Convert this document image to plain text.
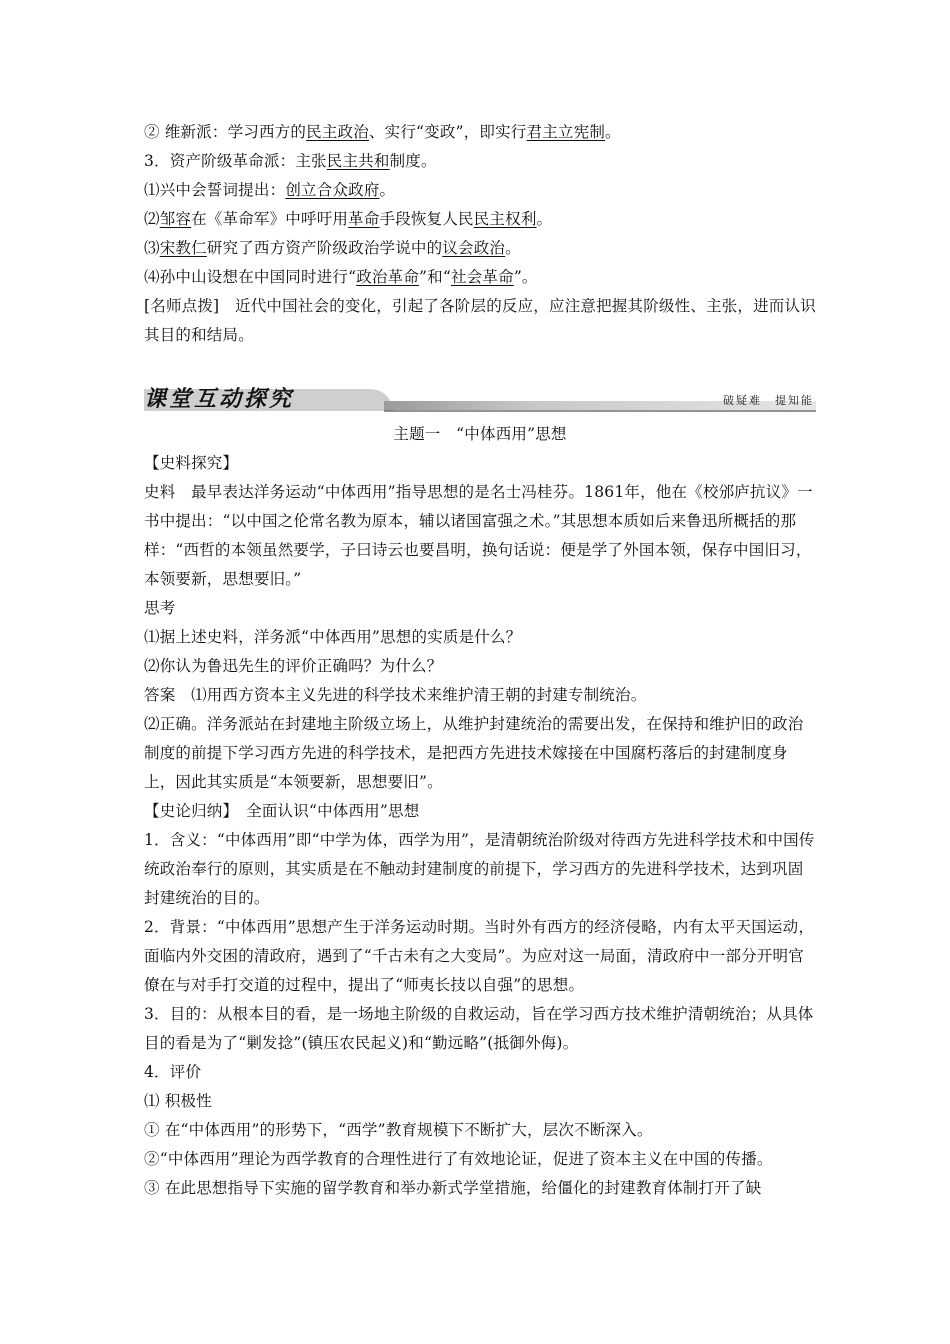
② 维新派：学习西方的民主政治、实行“变政”，即实行君主立宪制。
3．资产阶级革命派：主张民主共和制度。
⑴兴中会誓词提出：创立合众政府。
⑵邹容在《革命军》中呼吁用革命手段恢复人民民主权利。
⑶宋教仁研究了西方资产阶级政治学说中的议会政治。
⑷孙中山设想在中国同时进行“政治革命”和“社会革命”。
[名师点拨]　近代中国社会的变化，引起了各阶层的反应，应注意把握其阶级性、主张，进而认识其目的和结局。
课堂互动探究	破疑难　提知能
主题一　“中体西用”思想
【史料探究】
史料　最早表达洋务运动“中体西用”指导思想的是名士冯桂芬。1861年，他在《校邠庐抗议》一书中提出：“以中国之伦常名教为原本，辅以诸国富强之术。”其思想本质如后来鲁迅所概括的那样：“西哲的本领虽然要学，子曰诗云也要昌明，换句话说：便是学了外国本领，保存中国旧习，本领要新，思想要旧。”
思考
⑴据上述史料，洋务派“中体西用”思想的实质是什么？
⑵你认为鲁迅先生的评价正确吗？为什么？
答案　⑴用西方资本主义先进的科学技术来维护清王朝的封建专制统治。
⑵正确。洋务派站在封建地主阶级立场上，从维护封建统治的需要出发，在保持和维护旧的政治制度的前提下学习西方先进的科学技术，是把西方先进技术嫁接在中国腐朽落后的封建制度身上，因此其实质是“本领要新，思想要旧”。
【史论归纳】　全面认识“中体西用”思想
1．含义：“中体西用”即“中学为体，西学为用”，是清朝统治阶级对待西方先进科学技术和中国传统政治奉行的原则，其实质是在不触动封建制度的前提下，学习西方的先进科学技术，达到巩固封建统治的目的。
2．背景：“中体西用”思想产生于洋务运动时期。当时外有西方的经济侵略，内有太平天国运动，面临内外交困的清政府，遇到了“千古未有之大变局”。为应对这一局面，清政府中一部分开明官僚在与对手打交道的过程中，提出了“师夷长技以自强”的思想。
3．目的：从根本目的看，是一场地主阶级的自救运动，旨在学习西方技术维护清朝统治；从具体目的看是为了“剿发捻”(镇压农民起义)和“勤远略”(抵御外侮)。
4．评价
⑴ 积极性
① 在“中体西用”的形势下，“西学”教育规模下不断扩大，层次不断深入。
②“中体西用”理论为西学教育的合理性进行了有效地论证，促进了资本主义在中国的传播。
③ 在此思想指导下实施的留学教育和举办新式学堂措施，给僵化的封建教育体制打开了缺
